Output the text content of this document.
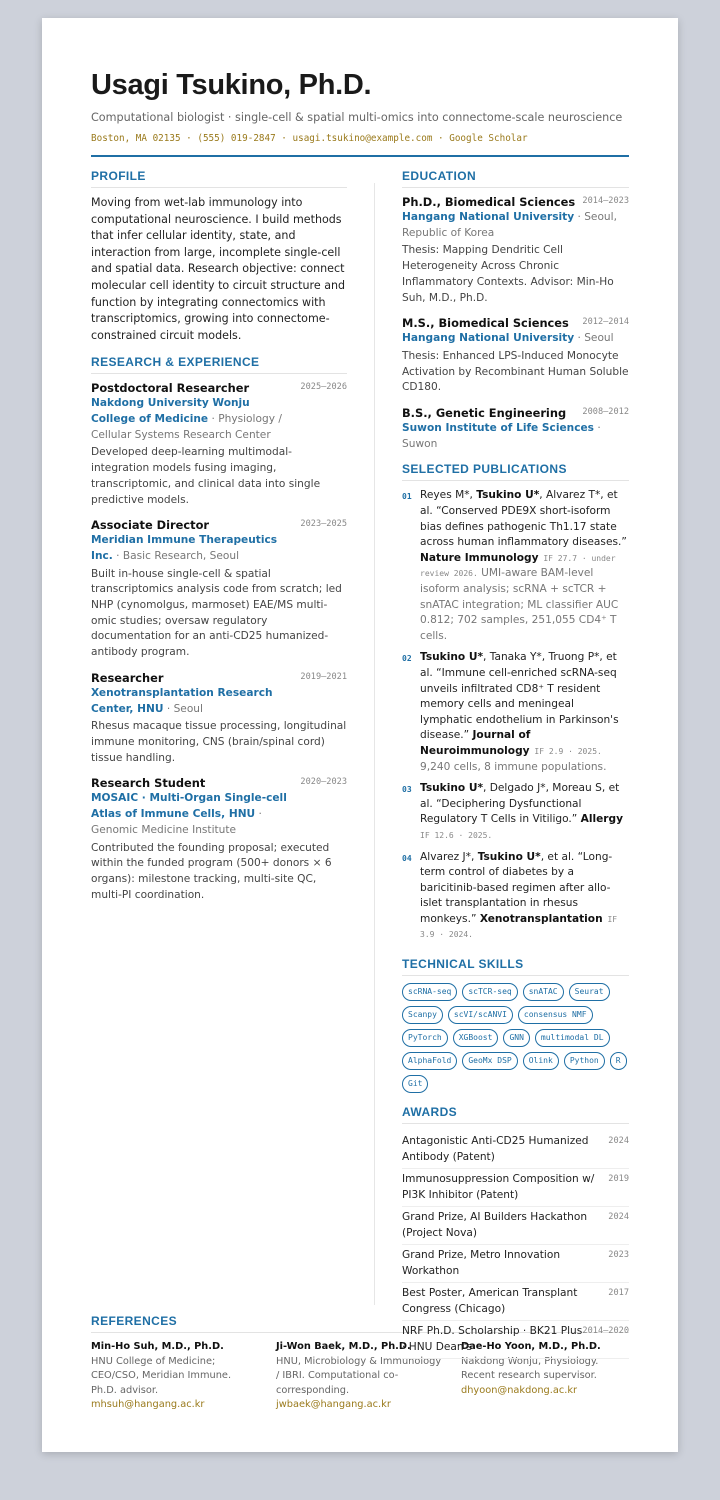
Usagi Tsukino, Ph.D.
Computational biologist · single-cell & spatial multi-omics into connectome-scale neuroscience
Boston, MA 02135 · (555) 019-2847 · usagi.tsukino@example.com · Google Scholar
PROFILE

Moving from wet-lab immunology into computational neuroscience. I build methods that infer cellular identity, state, and interaction from large, incomplete single-cell and spatial data. Research objective: connect molecular cell identity to circuit structure and function by integrating connectomics with transcriptomics, growing into connectome-constrained circuit models.

RESEARCH & EXPERIENCE
Postdoctoral Researcher	2025–2026
Nakdong University Wonju College of Medicine · Physiology / Cellular Systems Research Center
Developed deep-learning multimodal-integration models fusing imaging, transcriptomic, and clinical data into single predictive models.
Associate Director	2023–2025
Meridian Immune Therapeutics Inc. · Basic Research, Seoul
Built in-house single-cell & spatial transcriptomics analysis code from scratch; led NHP (cynomolgus, marmoset) EAE/MS multi-omic studies; oversaw regulatory documentation for an anti-CD25 humanized-antibody program.
Researcher	2019–2021
Xenotransplantation Research Center, HNU · Seoul
Rhesus macaque tissue processing, longitudinal immune monitoring, CNS (brain/spinal cord) tissue handling.
Research Student	2020–2023
MOSAIC · Multi-Organ Single-cell Atlas of Immune Cells, HNU · Genomic Medicine Institute
Contributed the founding proposal; executed within the funded program (500+ donors × 6 organs): milestone tracking, multi-site QC, multi-PI coordination.
EDUCATION
Ph.D., Biomedical Sciences 2014–2023
Hangang National University · Seoul, Republic of Korea
Thesis: Mapping Dendritic Cell Heterogeneity Across Chronic Inflammatory Contexts. Advisor: Min-Ho Suh, M.D., Ph.D.
M.S., Biomedical Sciences 2012–2014
Hangang National University · Seoul
Thesis: Enhanced LPS-Induced Monocyte Activation by Recombinant Human Soluble CD180.
B.S., Genetic Engineering 2008–2012
Suwon Institute of Life Sciences · Suwon
SELECTED PUBLICATIONS
01 Reyes M*, Tsukino U*, Alvarez T*, et al. “Conserved PDE9X short-isoform bias defines pathogenic Th1.17 state across human inflammatory diseases.” Nature Immunology IF 27.7 · under review 2026. UMI-aware BAM-level isoform analysis; scRNA + scTCR + snATAC integration; ML classifier AUC 0.812; 702 samples, 251,055 CD4⁺ T cells.
02 Tsukino U*, Tanaka Y*, Truong P*, et al. “Immune cell-enriched scRNA-seq unveils infiltrated CD8⁺ T resident memory cells and meningeal lymphatic endothelium in Parkinson's disease.” Journal of Neuroimmunology IF 2.9 · 2025. 9,240 cells, 8 immune populations.
03 Tsukino U*, Delgado J*, Moreau S, et al. “Deciphering Dysfunctional Regulatory T Cells in Vitiligo.” Allergy IF 12.6 · 2025.
04 Alvarez J*, Tsukino U*, et al. “Long-term control of diabetes by a baricitinib-based regimen after allo-islet transplantation in rhesus monkeys.” Xenotransplantation IF 3.9 · 2024.
TECHNICAL SKILLS
scRNA-seq	scTCR-seq	snATAC	Seurat
Scanpy	scVI/scANVI	consensus NMF
PyTorch	XGBoost	GNN	multimodal DL
AlphaFold	GeoMx DSP	Olink	Python	R
Git
AWARDS
Antagonistic Anti-CD25 Humanized Antibody (Patent)
2024
Immunosuppression Composition w/ PI3K Inhibitor (Patent)
2019
Grand Prize, AI Builders Hackathon (Project Nova)
2024
Grand Prize, Metro Innovation Workathon
2023
Best Poster, American Transplant Congress (Chicago)
2017
NRF Ph.D. Scholarship · BK21 Plus · HNU Dean's
2014–2020
REFERENCES
Min-Ho Suh, M.D., Ph.D.
HNU College of Medicine; CEO/CSO, Meridian Immune. Ph.D. advisor.
mhsuh@hangang.ac.kr
Ji-Won Baek, M.D., Ph.D.
HNU, Microbiology & Immunology / IBRI. Computational co-corresponding.
jwbaek@hangang.ac.kr
Dae-Ho Yoon, M.D., Ph.D.
Nakdong Wonju, Physiology. Recent research supervisor.
dhyoon@nakdong.ac.kr
